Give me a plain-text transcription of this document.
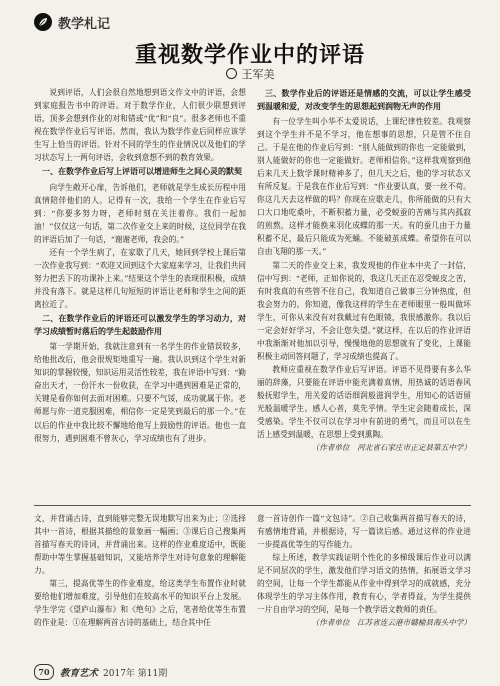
教学札记
重视数学作业中的评语
王军美

说到评语，人们会很自然地想到语文作文中的评语，会想到家庭报告书中的评语。对于数学作业，人们很少联想到评语，顶多会想到作业的对和错或“优”和“良”。很多老师也不重视在数学作业后写评语。然而，我认为数学作业后同样应该学生写上恰当的评语。针对不同的学生的作业情况以及他们的学习状态写上一两句评语，会收到意想不到的教育效果。

一、在数学作业后写上评语可以增进师生之间心灵的默契

向学生敞开心扉，告诉他们，老师就是学生成长历程中用真情陪伴他们的人。记得有一次，我给一个学生在作业后写到：“你要多努力呀，老师时刻在关注着你。我们一起加油！”仅仅这一句话，第二次作业交上来的时候，这位同学在我的评语后加了一句话，“谢谢老师，我会的。”

还有一个学生病了，在家歇了几天，她回到学校上课后第一次作业我写到：“欢迎又回到这个大家庭来学习，让我们共同努力把丢下的功课补上来。”结果这个学生的表现很积极，成绩并没有落下。就是这样几句短短的评语让老师和学生之间的距离拉近了。

二、在数学作业后的评语还可以激发学生的学习动力，对学习成绩暂时落后的学生起鼓励作用

第一学期开始，我就注意到有一名学生的作业错误较多，给他批改后，他会很规矩地重写一遍。我认识到这个学生对新知识的掌握较慢，知识运用灵活性较差，我在评语中写到：“勤奋出天才，一份汗水一份收获，在学习中遇到困难是正常的，关键是看你如何去面对困难。只要不气馁，成功就属于你。老师愿与你一道克服困难，相信你一定是笑到最后的那一个。”在以后的作业中我比较不懈地给他写上鼓励性的评语。他也一直很努力，遇到困难不曾灰心，学习成绩也有了进步。

三、数学作业后的评语还是情感的交流，可以让学生感受到温暖和爱，对改变学生的思想起到润物无声的作用

有一位学生叫小华不太爱说话，上课纪律性较差。我观察到这个学生并不是不学习，他在想事的思想，只是管不住自己。于是在他的作业后写到：“别人能做到的你也一定能做到，别人能做好的你也一定能做好。老师相信你。”这样我观察到他后来几天上数学课时精神多了，但几天之后，他的学习状态又有所反复。于是我在作业后写到：“作业要认真，要一丝不苟。你这几天去这样做的吗？你现在应歇走几，你所能做的只有大口大口地吃桑叶，不断积蓄力量，必受蜕蚕的苦痛与其内孤寂的煎熬，这样才能换来羽化成蝶的那一天。有的蚕几由于力量积蓄不足，最后只能成为死蛹。不能破茧成蝶。希望你在可以自由飞翔的那一天。”

第二天的作业交上来，我发现他的作业本中夹了一封信，信中写到：“老师，正如你说的，我这几天正在忍受蜕皮之苦，有时我真的有些管不住自己，我知道自己做事三分钟热度，但我会努力的。你知道，像我这样的学生在老师眼里一般叫做坏学生，可你从来没有对我戴过有色眼镜，我很感激你。我以后一定会好好学习，不会让您失望。”就这样，在以后的作业评语中我渐渐对他加以引导，慢慢地他的思想就有了变化，上课能积极主动回答问题了，学习成绩也提高了。

教师应重视在数学作业后写评语。评语不见得要有多么华丽的辞藻，只要能在评语中能充满着真情，用热诚的话语春风般抚慰学生，用关爱的话语细润般滋润学生，用知心的话语留光般温暖学生。感人心者，莫先乎情。学生定会随着成长，深受感染。学生不仅可以在学习中有前进的勇气，而且可以在生活上感受到温暖，在思想上受到熏陶。

（作者单位　河北省石家庄市正定县第五中学）

文，并背诵古诗，直到能够完整无误地默写出来为止；②选择其中一首诗，根据其描绘的景象画一幅画；③课后自己搜集两首描写春天的诗词，并背诵出来。这样的作业难度适中，既能帮助中等生掌握基础知识，又能培养学生对诗句意象的理解能力。

第三，提高优等生的作业难度，给这类学生布置作业时就要给他们增加难度，引导他们在较高水平的知识平台上发展。学生学完《望庐山瀑布》和《绝句》之后，笔者给优等生布置的作业是：①在理解两首古诗的基础上，结合其中任

意一首诗创作一篇“文包诗”。②自己收集两首描写春天的诗，有感情地背诵，并根据诗，写一篇读后感。通过这样的作业进一步提高优等生的写作能力。

综上所述，教学实践证明个性化的多梯级课后作业可以满足不同层次的学生，激发他们学习语文的热情，拓展语文学习的空间，让每一个学生都能从作业中得到学习的成就感，充分体现学生的学习主体作用，教育有心，学者得益，为学生提供一片自由学习的空间，是每一个教学语文教师的责任。

（作者单位　江苏省连云港市赣榆县海头中学）

70	教育艺术 2017年 第11期
